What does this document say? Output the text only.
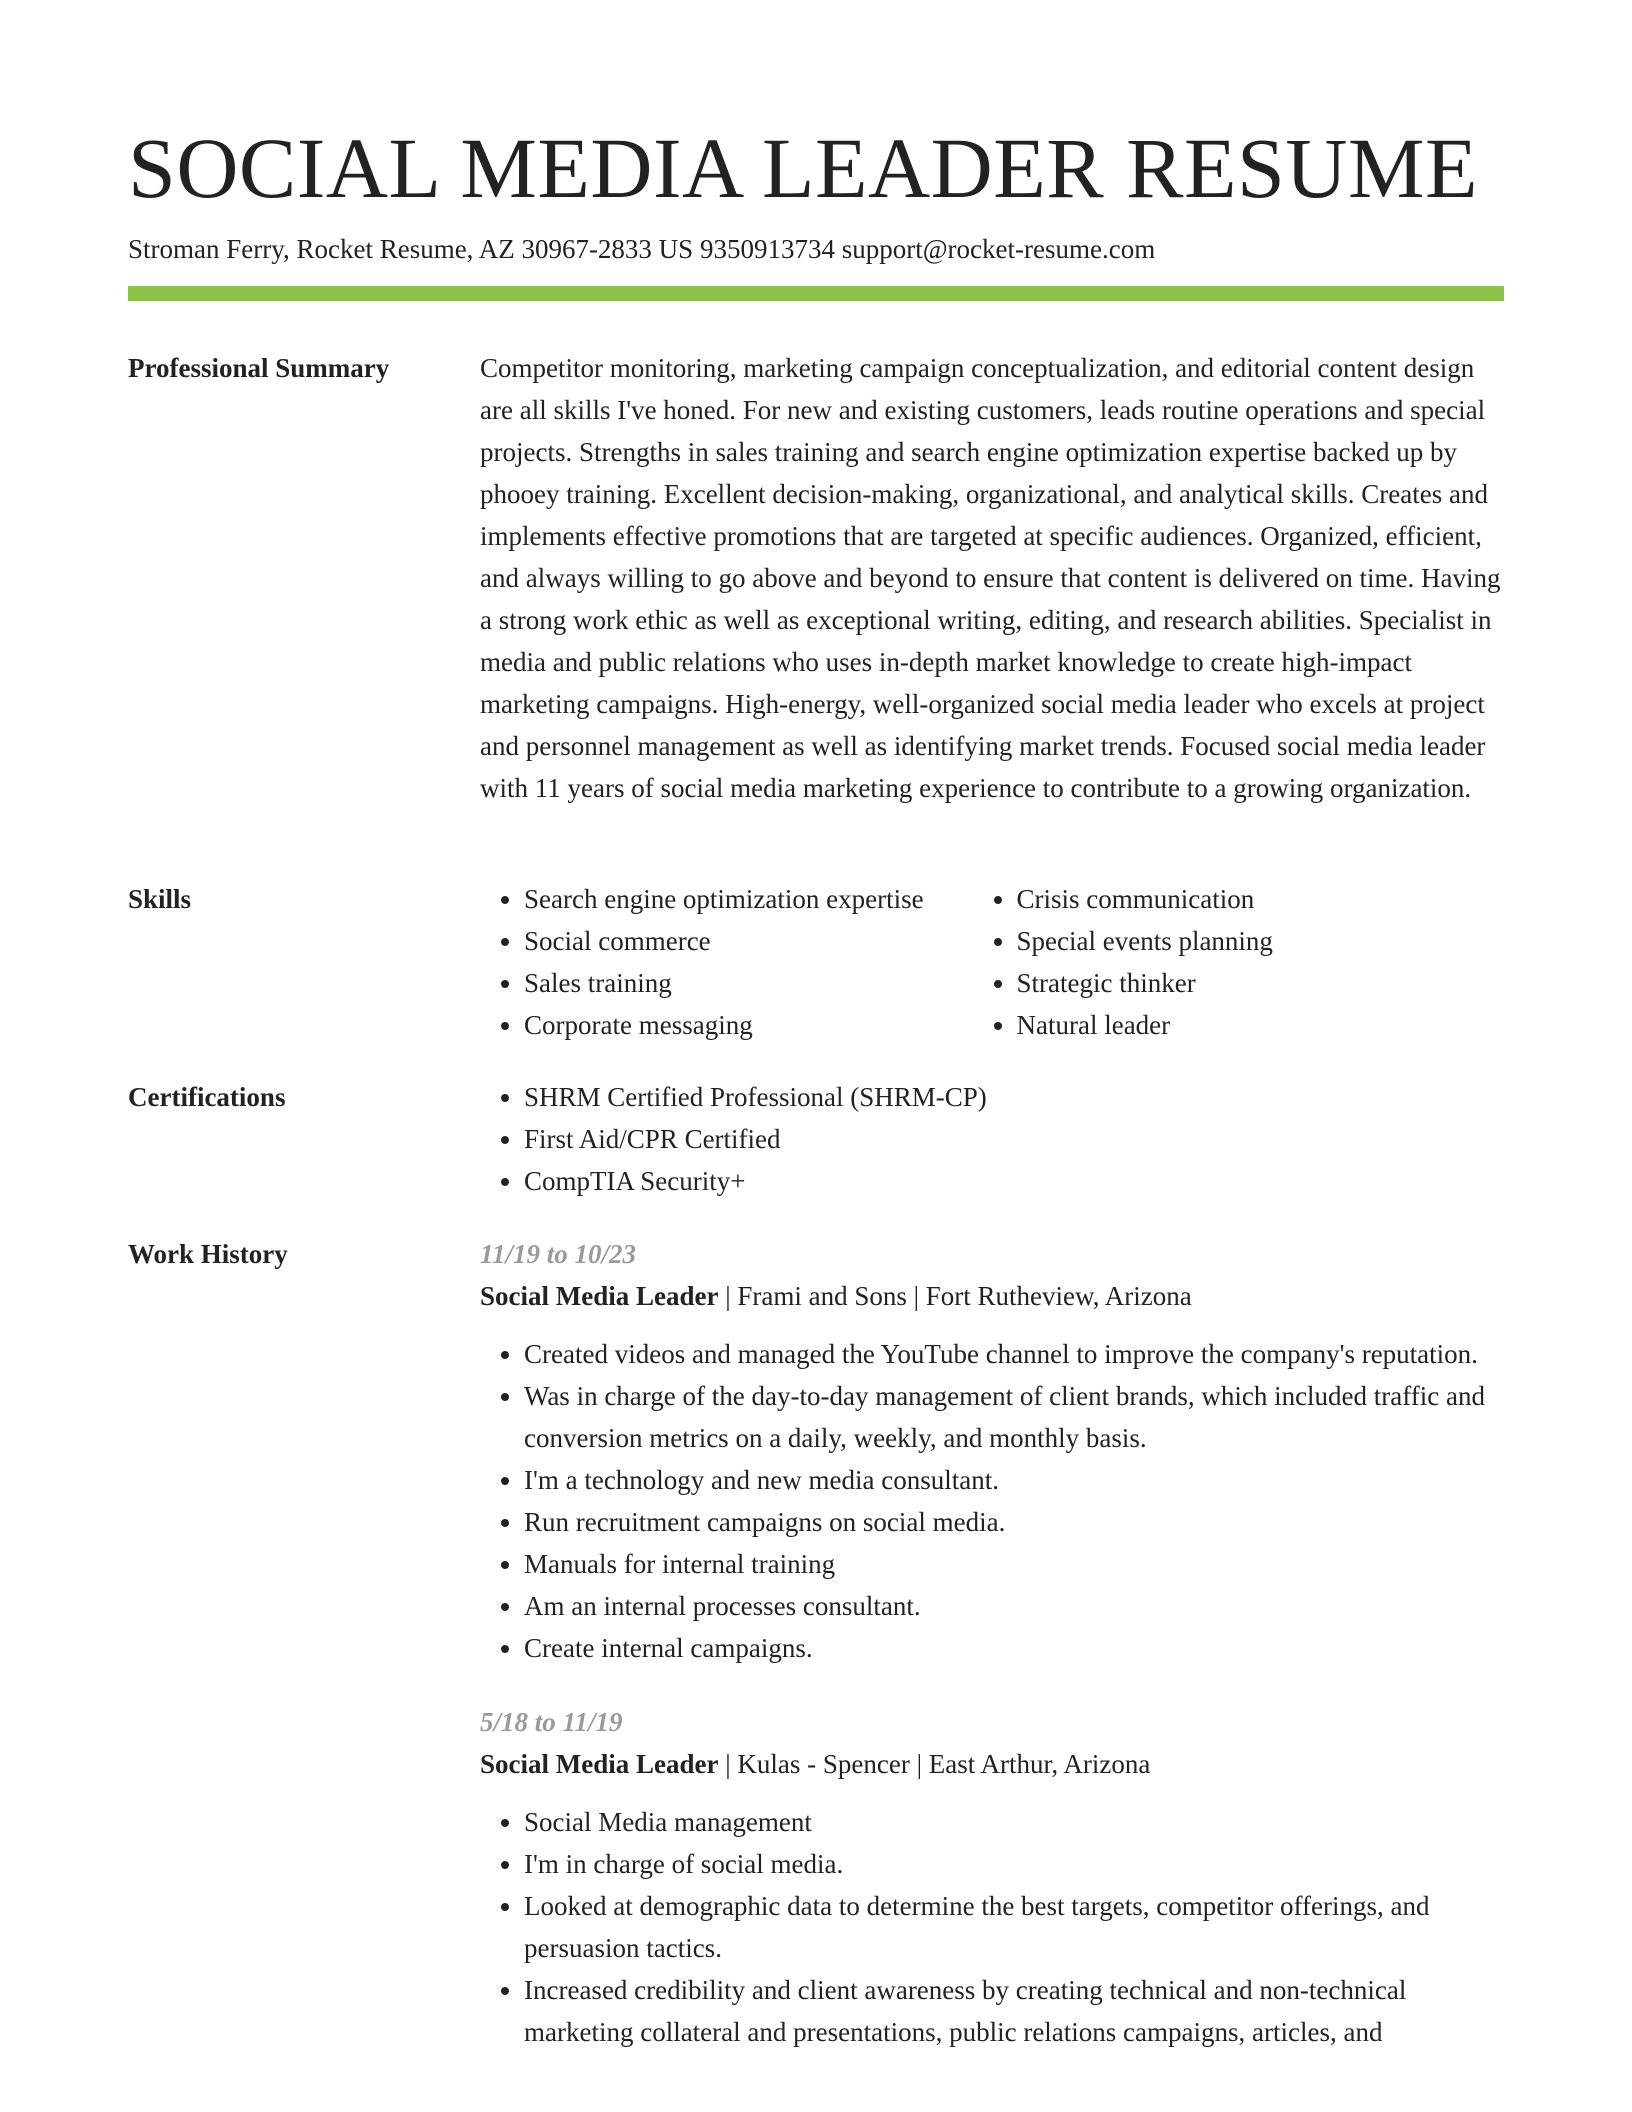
SOCIAL MEDIA LEADER RESUME
Stroman Ferry, Rocket Resume, AZ 30967-2833 US 9350913734 support@rocket-resume.com
Professional Summary	Competitor monitoring, marketing campaign conceptualization, and editorial content design are all skills I've honed. For new and existing customers, leads routine operations and special projects. Strengths in sales training and search engine optimization expertise backed up by phooey training. Excellent decision-making, organizational, and analytical skills. Creates and implements effective promotions that are targeted at specific audiences. Organized, efficient, and always willing to go above and beyond to ensure that content is delivered on time. Having a strong work ethic as well as exceptional writing, editing, and research abilities. Specialist in media and public relations who uses in-depth market knowledge to create high-impact marketing campaigns. High-energy, well-organized social media leader who excels at project and personnel management as well as identifying market trends. Focused social media leader with 11 years of social media marketing experience to contribute to a growing organization.

Skills	• Search engine optimization expertise
• Social commerce
• Sales training
• Corporate messaging
• Crisis communication
• Special events planning
• Strategic thinker
• Natural leader
Certifications	• SHRM Certified Professional (SHRM-CP)
• First Aid/CPR Certified
• CompTIA Security+
Work History	11/19 to 10/23
Social Media Leader | Frami and Sons | Fort Rutheview, Arizona
• Created videos and managed the YouTube channel to improve the company's reputation.
• Was in charge of the day-to-day management of client brands, which included traffic and conversion metrics on a daily, weekly, and monthly basis.
• I'm a technology and new media consultant.
• Run recruitment campaigns on social media.
• Manuals for internal training
• Am an internal processes consultant.
• Create internal campaigns.
5/18 to 11/19
Social Media Leader | Kulas - Spencer | East Arthur, Arizona
• Social Media management
• I'm in charge of social media.
• Looked at demographic data to determine the best targets, competitor offerings, and persuasion tactics.
• Increased credibility and client awareness by creating technical and non-technical marketing collateral and presentations, public relations campaigns, articles, and
